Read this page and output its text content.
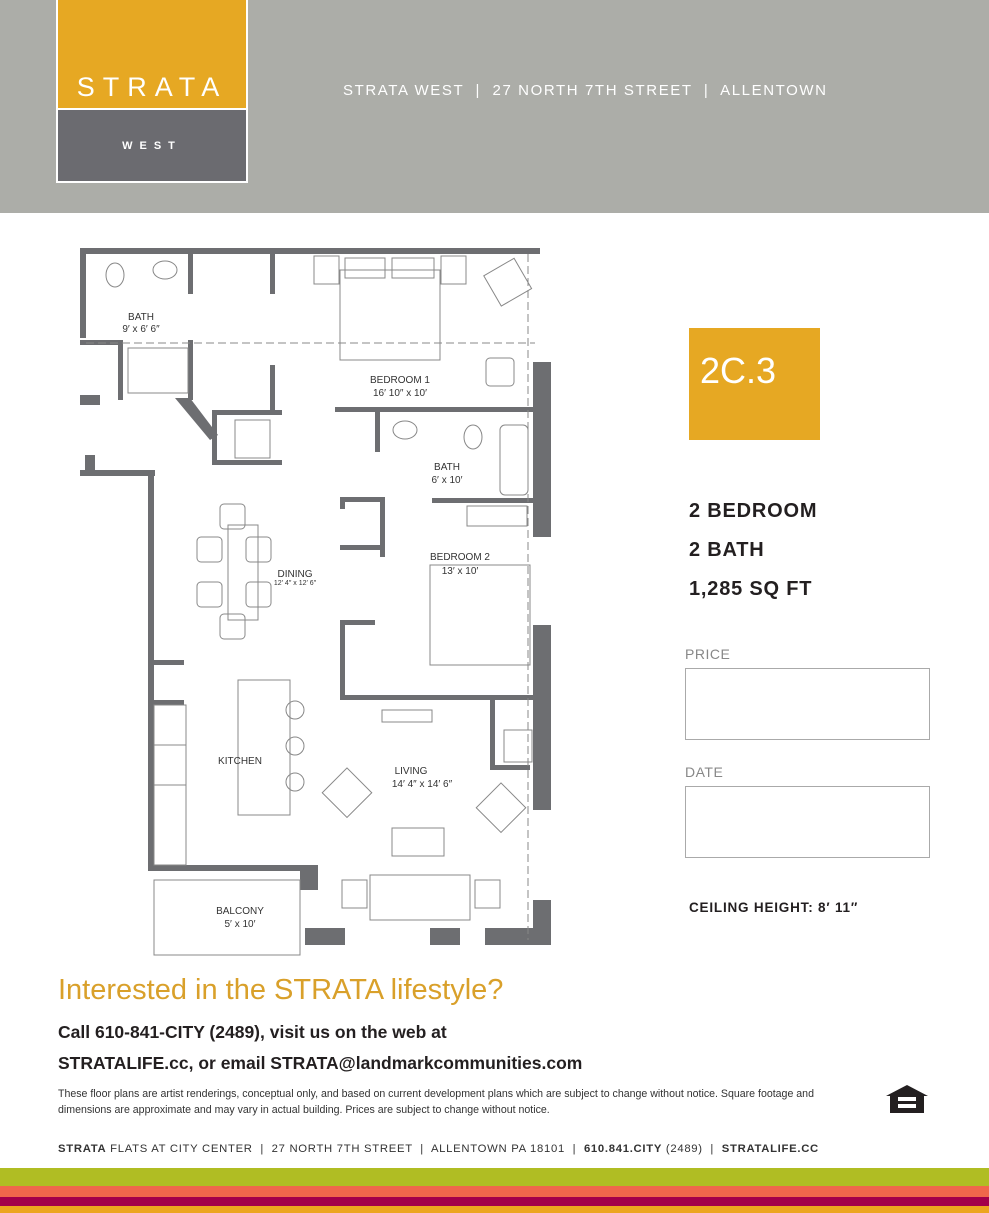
STRATA
WEST
STRATA WEST  |  27 NORTH 7TH STREET  |  ALLENTOWN
BATH
9′ x 6′ 6″
BEDROOM 1
16′ 10″ x 10′
BATH
6′ x 10′
DINING
12′ 4″ x 12′ 6″
BEDROOM 2
13′ x 10′
KITCHEN
LIVING
14′ 4″ x 14′ 6″
BALCONY
5′ x 10′
2C.3
2 BEDROOM
2 BATH
1,285 SQ FT
PRICE
DATE
CEILING HEIGHT: 8′ 11″
Interested in the STRATA lifestyle?
Call 610-841-CITY (2489), visit us on the web at
STRATALIFE.cc, or email STRATA@landmarkcommunities.com
These floor plans are artist renderings, conceptual only, and based on current development plans which are subject to change without notice. Square footage and dimensions are approximate and may vary in actual building. Prices are subject to change without notice.
STRATA FLATS AT CITY CENTER  |  27 NORTH 7TH STREET  |  ALLENTOWN PA 18101  |  610.841.CITY (2489)  |  STRATALIFE.CC
